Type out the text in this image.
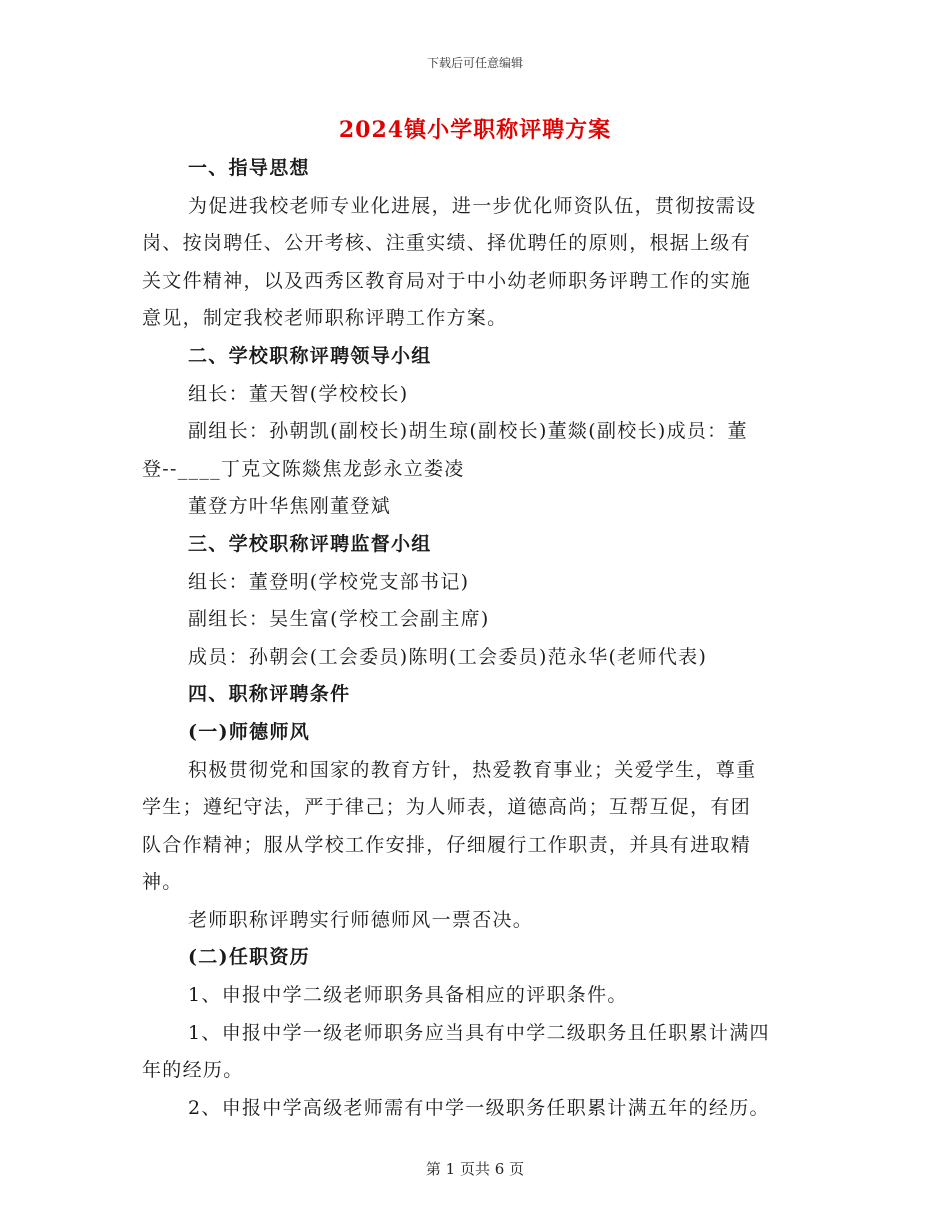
下载后可任意编辑
2024镇小学职称评聘方案
一、指导思想
为促进我校老师专业化进展，进一步优化师资队伍，贯彻按需设
岗、按岗聘任、公开考核、注重实绩、择优聘任的原则，根据上级有
关文件精神，以及西秀区教育局对于中小幼老师职务评聘工作的实施
意见，制定我校老师职称评聘工作方案。
二、学校职称评聘领导小组
组长：董天智(学校校长)
副组长：孙朝凯(副校长)胡生琼(副校长)董燚(副校长)成员：董
登--____丁克文陈燚焦龙彭永立娄凌
董登方叶华焦刚董登斌
三、学校职称评聘监督小组
组长：董登明(学校党支部书记)
副组长：吴生富(学校工会副主席)
成员：孙朝会(工会委员)陈明(工会委员)范永华(老师代表)
四、职称评聘条件
(一)师德师风
积极贯彻党和国家的教育方针，热爱教育事业；关爱学生，尊重
学生；遵纪守法，严于律己；为人师表，道德高尚；互帮互促，有团
队合作精神；服从学校工作安排，仔细履行工作职责，并具有进取精
神。
老师职称评聘实行师德师风一票否决。
(二)任职资历
1、申报中学二级老师职务具备相应的评职条件。
1、申报中学一级老师职务应当具有中学二级职务且任职累计满四
年的经历。
2、申报中学高级老师需有中学一级职务任职累计满五年的经历。
第 1 页共 6 页
